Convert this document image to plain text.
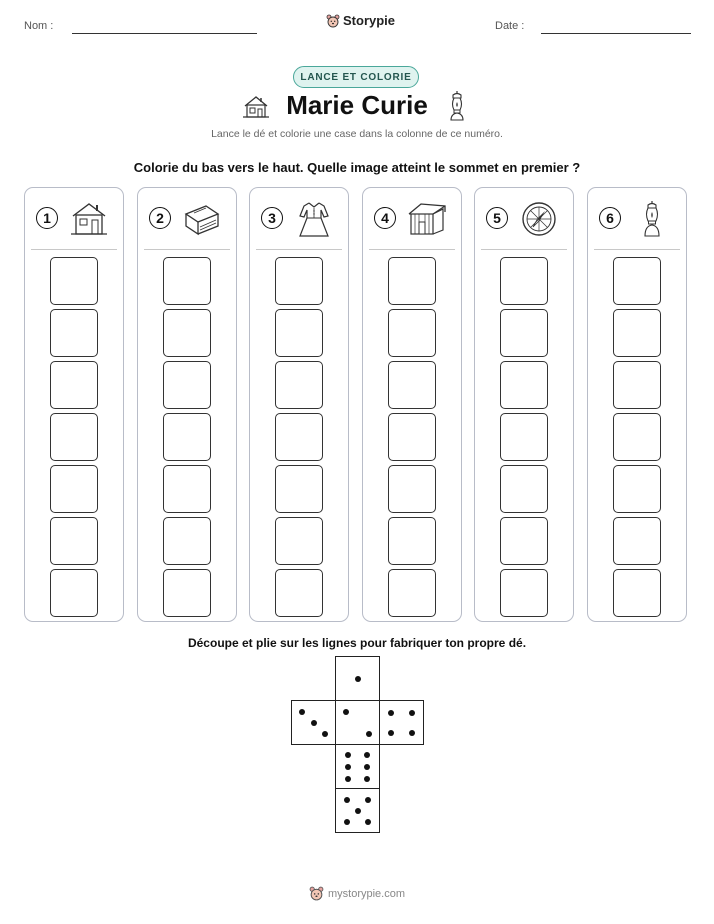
Nom :	Storypie	Date :
LANCE ET COLORIE
Marie Curie
Lance le dé et colorie une case dans la colonne de ce numéro.
Colorie du bas vers le haut. Quelle image atteint le sommet en premier ?
1	2	3	4	5	6
Découpe et plie sur les lignes pour fabriquer ton propre dé.
mystorypie.com
